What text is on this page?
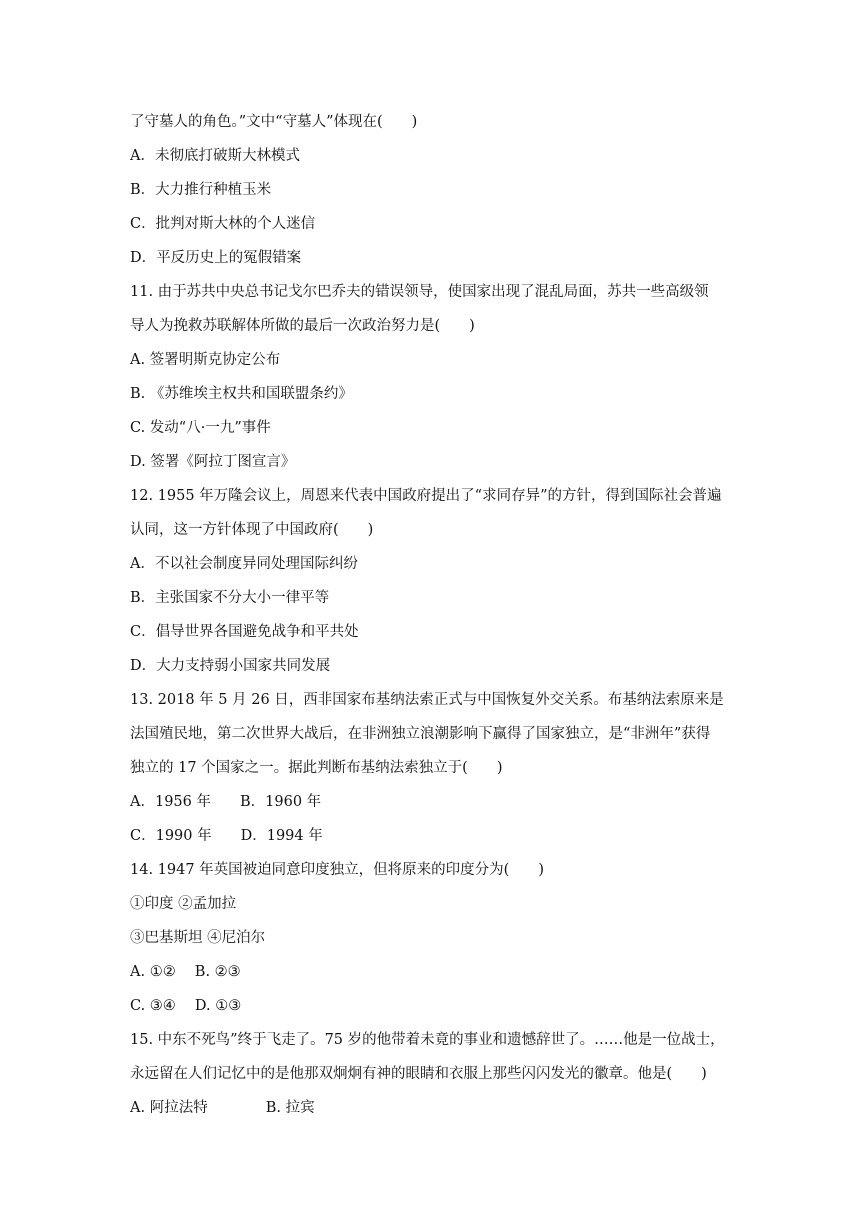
了守墓人的角色。”文中“守墓人”体现在(　　)
A．未彻底打破斯大林模式
B．大力推行种植玉米
C．批判对斯大林的个人迷信
D．平反历史上的冤假错案
11. 由于苏共中央总书记戈尔巴乔夫的错误领导，使国家出现了混乱局面，苏共一些高级领
导人为挽救苏联解体所做的最后一次政治努力是(　　)
A. 签署明斯克协定公布
B. 《苏维埃主权共和国联盟条约》
C. 发动“八·一九”事件
D. 签署《阿拉丁图宣言》
12. 1955 年万隆会议上，周恩来代表中国政府提出了“求同存异”的方针，得到国际社会普遍
认同，这一方针体现了中国政府(　　)
A．不以社会制度异同处理国际纠纷
B．主张国家不分大小一律平等
C．倡导世界各国避免战争和平共处
D．大力支持弱小国家共同发展
13. 2018 年 5 月 26 日，西非国家布基纳法索正式与中国恢复外交关系。布基纳法索原来是
法国殖民地，第二次世界大战后，在非洲独立浪潮影响下赢得了国家独立，是“非洲年”获得
独立的 17 个国家之一。据此判断布基纳法索独立于(　　)
A．1956 年　　B．1960 年
C．1990 年　　D．1994 年
14. 1947 年英国被迫同意印度独立，但将原来的印度分为(　　)
①印度 ②孟加拉
③巴基斯坦 ④尼泊尔
A. ①②　 B. ②③
C. ③④　 D. ①③
15. 中东不死鸟”终于飞走了。75 岁的他带着未竟的事业和遗憾辞世了。……他是一位战士，
永远留在人们记忆中的是他那双炯炯有神的眼睛和衣服上那些闪闪发光的徽章。他是(　　)
A. 阿拉法特　　　　B. 拉宾
